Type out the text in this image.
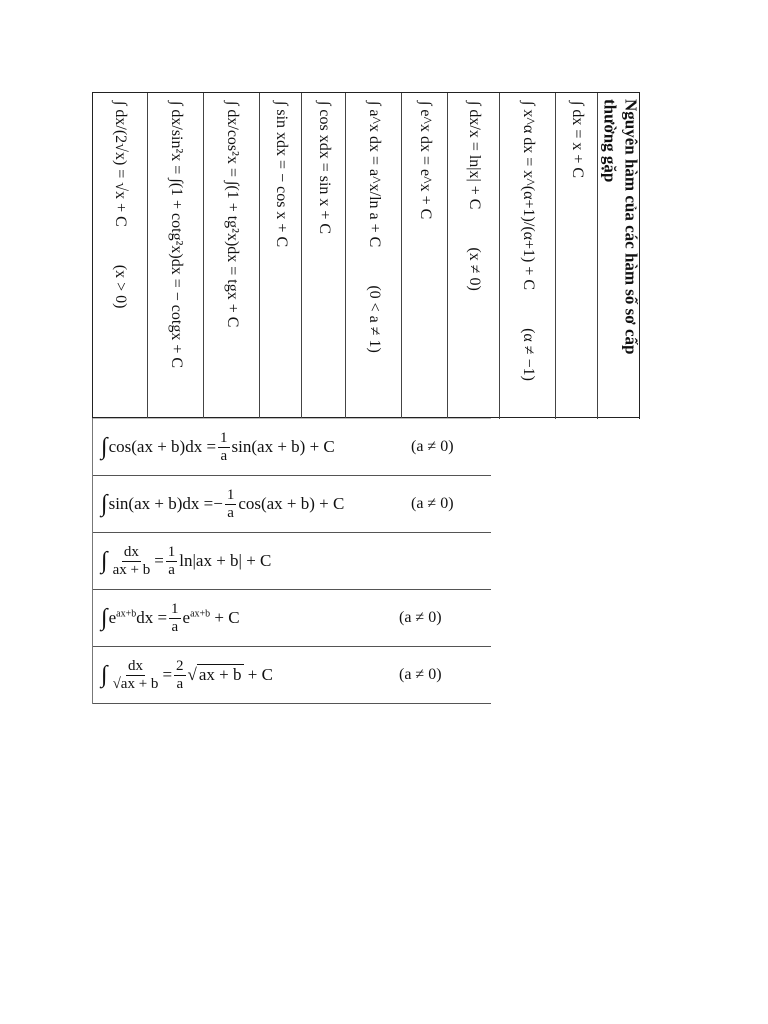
Nguyên hàm của các hàm số sơ cấp
thường gặp
∫ dx = x + C
∫ x^α dx = x^(α+1)/(α+1) + C
(α ≠ −1)
∫ dx/x = ln|x| + C
(x ≠ 0)
∫ e^x dx = e^x + C
∫ a^x dx = a^x/ln a + C
(0 < a ≠ 1)
∫ cos xdx = sin x + C
∫ sin xdx = − cos x + C
∫ dx/cos²x = ∫(1 + tg²x)dx = tgx + C
∫ dx/sin²x = ∫(1 + cotg²x)dx = − cotgx + C
∫ dx/(2√x) = √x + C
(x > 0)
∫ $\cos(ax + b)dx = \frac{1}{a} \sin(ax + b) + C$	(a ≠ 0)
∫ sin(ax + b)dx = − $\frac{1}{a} \cos(ax + b) + C$	(a ≠ 0)
∫ $\frac{dx}{ax + b} = \frac{1}{a} \ln|ax + b| + C$
∫ $e^{ax+b}dx = \frac{1}{a} e^{ax+b} + C$	(a ≠ 0)
∫ $\frac{dx}{√ax + b} = \frac{2}{a}$ √ ax + b + C	(a ≠ 0)
